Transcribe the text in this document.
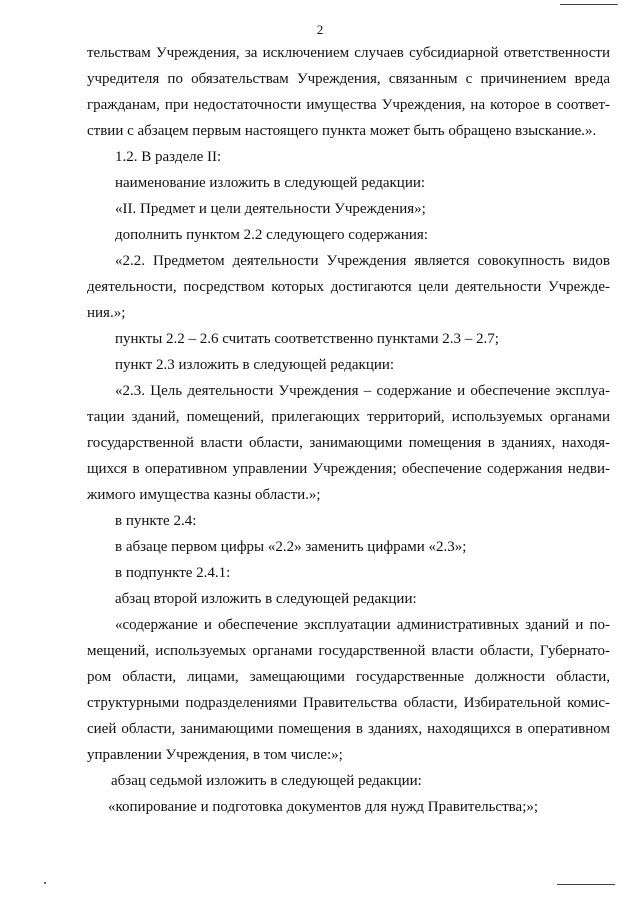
2

тельствам Учреждения, за исключением случаев субсидиарной ответственности

учредителя по обязательствам Учреждения, связанным с причинением вреда

гражданам, при недостаточности имущества Учреждения, на которое в соответ-

ствии с абзацем первым настоящего пункта может быть обращено взыскание.».

1.2. В разделе II:

наименование изложить в следующей редакции:

«II. Предмет и цели деятельности Учреждения»;

дополнить пунктом 2.2 следующего содержания:

«2.2. Предметом деятельности Учреждения является совокупность видов

деятельности, посредством которых достигаются цели деятельности Учрежде-

ния.»;

пункты 2.2 – 2.6 считать соответственно пунктами 2.3 – 2.7;

пункт 2.3 изложить в следующей редакции:

«2.3. Цель деятельности Учреждения – содержание и обеспечение эксплуа-

тации зданий, помещений, прилегающих территорий, используемых органами

государственной власти области, занимающими помещения в зданиях, находя-

щихся в оперативном управлении Учреждения; обеспечение содержания недви-

жимого имущества казны области.»;

в пункте 2.4:

в абзаце первом цифры «2.2» заменить цифрами «2.3»;

в подпункте 2.4.1:

абзац второй изложить в следующей редакции:

«содержание и обеспечение эксплуатации административных зданий и по-

мещений, используемых органами государственной власти области, Губернато-

ром области, лицами, замещающими государственные должности области,

структурными подразделениями Правительства области, Избирательной комис-

сией области, занимающими помещения в зданиях, находящихся в оперативном

управлении Учреждения, в том числе:»;

абзац седьмой изложить в следующей редакции:

«копирование и подготовка документов для нужд Правительства;»;
